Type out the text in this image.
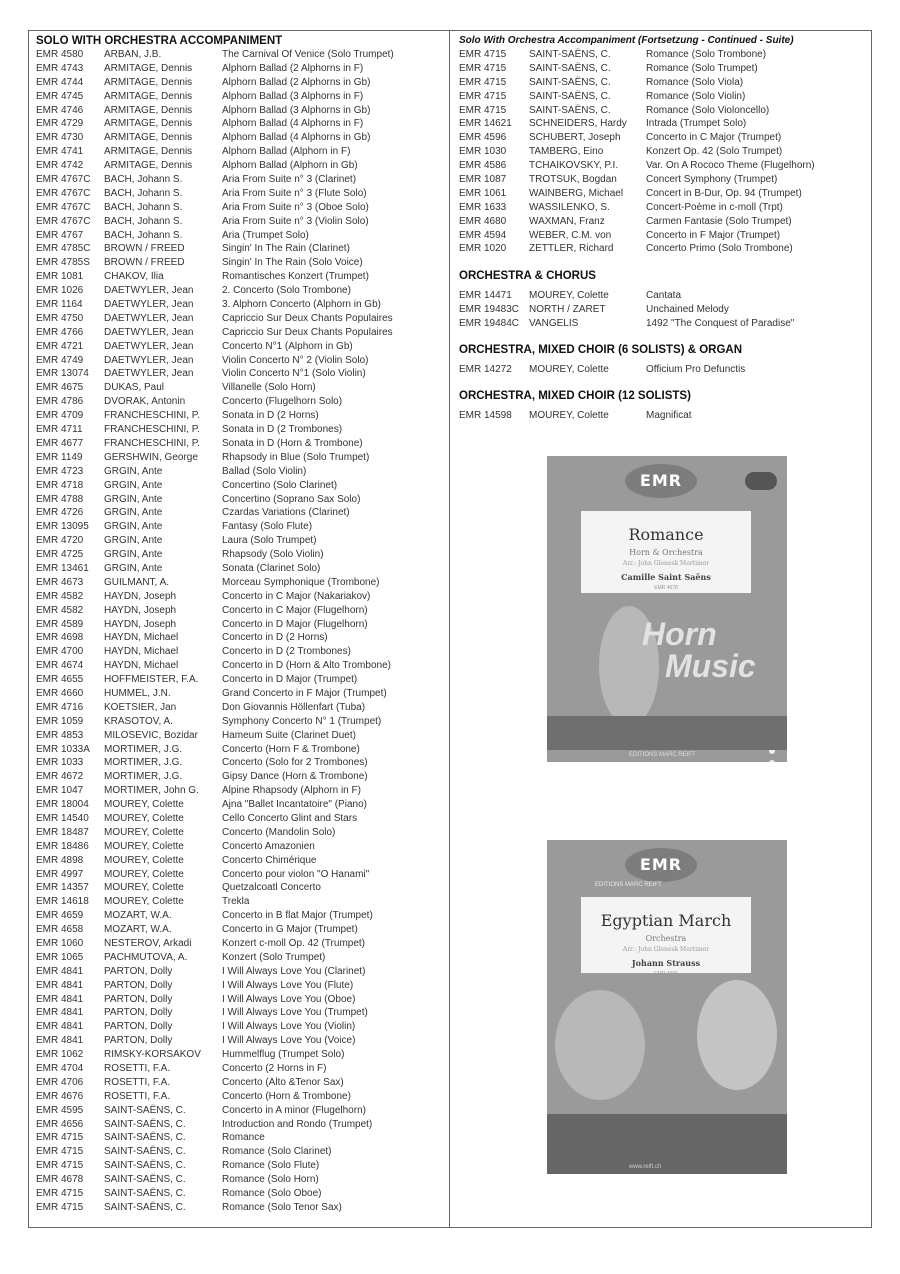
SOLO WITH ORCHESTRA ACCOMPANIMENT
EMR 4580	ARBAN, J.B.	The Carnival Of Venice (Solo Trumpet)
EMR 4743	ARMITAGE, Dennis	Alphorn Ballad (2 Alphorns in F)
EMR 4744	ARMITAGE, Dennis	Alphorn Ballad (2 Alphorns in Gb)
EMR 4745	ARMITAGE, Dennis	Alphorn Ballad (3 Alphorns in F)
EMR 4746	ARMITAGE, Dennis	Alphorn Ballad (3 Alphorns in Gb)
EMR 4729	ARMITAGE, Dennis	Alphorn Ballad (4 Alphorns in F)
EMR 4730	ARMITAGE, Dennis	Alphorn Ballad (4 Alphorns in Gb)
EMR 4741	ARMITAGE, Dennis	Alphorn Ballad (Alphorn in F)
EMR 4742	ARMITAGE, Dennis	Alphorn Ballad (Alphorn in Gb)
EMR 4767C	BACH, Johann S.	Aria From Suite n° 3 (Clarinet)
EMR 4767C	BACH, Johann S.	Aria From Suite n° 3 (Flute Solo)
EMR 4767C	BACH, Johann S.	Aria From Suite n° 3 (Oboe Solo)
EMR 4767C	BACH, Johann S.	Aria From Suite n° 3 (Violin Solo)
EMR 4767	BACH, Johann S.	Aria (Trumpet Solo)
EMR 4785C	BROWN / FREED	Singin' In The Rain (Clarinet)
EMR 4785S	BROWN / FREED	Singin' In The Rain (Solo Voice)
EMR 1081	CHAKOV, Ilia	Romantisches Konzert (Trumpet)
EMR 1026	DAETWYLER, Jean	2. Concerto (Solo Trombone)
EMR 1164	DAETWYLER, Jean	3. Alphorn Concerto (Alphorn in Gb)
EMR 4750	DAETWYLER, Jean	Capriccio Sur Deux Chants Populaires
EMR 4766	DAETWYLER, Jean	Capriccio Sur Deux Chants Populaires
EMR 4721	DAETWYLER, Jean	Concerto N°1 (Alphorn in Gb)
EMR 4749	DAETWYLER, Jean	Violin Concerto N° 2 (Violin Solo)
EMR 13074	DAETWYLER, Jean	Violin Concerto N°1 (Solo Violin)
EMR 4675	DUKAS, Paul	Villanelle (Solo Horn)
EMR 4786	DVORAK, Antonin	Concerto (Flugelhorn Solo)
EMR 4709	FRANCHESCHINI, P.	Sonata in D (2 Horns)
EMR 4711	FRANCHESCHINI, P.	Sonata in D (2 Trombones)
EMR 4677	FRANCHESCHINI, P.	Sonata in D (Horn & Trombone)
EMR 1149	GERSHWIN, George	Rhapsody in Blue (Solo Trumpet)
EMR 4723	GRGIN, Ante	Ballad (Solo Violin)
EMR 4718	GRGIN, Ante	Concertino (Solo Clarinet)
EMR 4788	GRGIN, Ante	Concertino (Soprano Sax Solo)
EMR 4726	GRGIN, Ante	Czardas Variations (Clarinet)
EMR 13095	GRGIN, Ante	Fantasy (Solo Flute)
EMR 4720	GRGIN, Ante	Laura (Solo Trumpet)
EMR 4725	GRGIN, Ante	Rhapsody (Solo Violin)
EMR 13461	GRGIN, Ante	Sonata (Clarinet Solo)
EMR 4673	GUILMANT, A.	Morceau Symphonique (Trombone)
EMR 4582	HAYDN, Joseph	Concerto in C Major (Nakariakov)
EMR 4582	HAYDN, Joseph	Concerto in C Major (Flugelhorn)
EMR 4589	HAYDN, Joseph	Concerto in D Major (Flugelhorn)
EMR 4698	HAYDN, Michael	Concerto in D (2 Horns)
EMR 4700	HAYDN, Michael	Concerto in D (2 Trombones)
EMR 4674	HAYDN, Michael	Concerto in D (Horn & Alto Trombone)
EMR 4655	HOFFMEISTER, F.A.	Concerto in D Major (Trumpet)
EMR 4660	HUMMEL, J.N.	Grand Concerto in F Major (Trumpet)
EMR 4716	KOETSIER, Jan	Don Giovannis Höllenfart (Tuba)
EMR 1059	KRASOTOV, A.	Symphony Concerto N° 1 (Trumpet)
EMR 4853	MILOSEVIC, Bozidar	Hameum Suite (Clarinet Duet)
EMR 1033A	MORTIMER, J.G.	Concerto (Horn F & Trombone)
EMR 1033	MORTIMER, J.G.	Concerto (Solo for 2 Trombones)
EMR 4672	MORTIMER, J.G.	Gipsy Dance (Horn & Trombone)
EMR 1047	MORTIMER, John G.	Alpine Rhapsody (Alphorn in F)
EMR 18004	MOUREY, Colette	Ajna "Ballet Incantatoire" (Piano)
EMR 14540	MOUREY, Colette	Cello Concerto Glint and Stars
EMR 18487	MOUREY, Colette	Concerto (Mandolin Solo)
EMR 18486	MOUREY, Colette	Concerto Amazonien
EMR 4898	MOUREY, Colette	Concerto Chimérique
EMR 4997	MOUREY, Colette	Concerto pour violon "O Hanami"
EMR 14357	MOUREY, Colette	Quetzalcoatl Concerto
EMR 14618	MOUREY, Colette	Trekla
EMR 4659	MOZART, W.A.	Concerto in B flat Major (Trumpet)
EMR 4658	MOZART, W.A.	Concerto in G Major (Trumpet)
EMR 1060	NESTEROV, Arkadi	Konzert c-moll Op. 42 (Trumpet)
EMR 1065	PACHMUTOVA, A.	Konzert (Solo Trumpet)
EMR 4841	PARTON, Dolly	I Will Always Love You (Clarinet)
EMR 4841	PARTON, Dolly	I Will Always Love You (Flute)
EMR 4841	PARTON, Dolly	I Will Always Love You (Oboe)
EMR 4841	PARTON, Dolly	I Will Always Love You (Trumpet)
EMR 4841	PARTON, Dolly	I Will Always Love You (Violin)
EMR 4841	PARTON, Dolly	I Will Always Love You (Voice)
EMR 1062	RIMSKY-KORSAKOV	Hummelflug (Trumpet Solo)
EMR 4704	ROSETTI, F.A.	Concerto (2 Horns in F)
EMR 4706	ROSETTI, F.A.	Concerto (Alto &Tenor Sax)
EMR 4676	ROSETTI, F.A.	Concerto (Horn & Trombone)
EMR 4595	SAINT-SAËNS, C.	Concerto in A minor (Flugelhorn)
EMR 4656	SAINT-SAËNS, C.	Introduction and Rondo (Trumpet)
EMR 4715	SAINT-SAËNS, C.	Romance
EMR 4715	SAINT-SAËNS, C.	Romance (Solo Clarinet)
EMR 4715	SAINT-SAËNS, C.	Romance (Solo Flute)
EMR 4678	SAINT-SAËNS, C.	Romance (Solo Horn)
EMR 4715	SAINT-SAËNS, C.	Romance (Solo Oboe)
EMR 4715	SAINT-SAËNS, C.	Romance (Solo Tenor Sax)
Solo With Orchestra Accompaniment (Fortsetzung - Continued - Suite)
EMR 4715	SAINT-SAËNS, C.	Romance (Solo Trombone)
EMR 4715	SAINT-SAËNS, C.	Romance (Solo Trumpet)
EMR 4715	SAINT-SAËNS, C.	Romance (Solo Viola)
EMR 4715	SAINT-SAËNS, C.	Romance (Solo Violin)
EMR 4715	SAINT-SAËNS, C.	Romance (Solo Violoncello)
EMR 14621	SCHNEIDERS, Hardy	Intrada (Trumpet Solo)
EMR 4596	SCHUBERT, Joseph	Concerto in C Major (Trumpet)
EMR 1030	TAMBERG, Eino	Konzert Op. 42 (Solo Trumpet)
EMR 4586	TCHAIKOVSKY, P.I.	Var. On A Rococo Theme (Flugelhorn)
EMR 1087	TROTSUK, Bogdan	Concert Symphony (Trumpet)
EMR 1061	WAINBERG, Michael	Concert in B-Dur, Op. 94 (Trumpet)
EMR 1633	WASSILENKO, S.	Concert-Poème in c-moll (Trpt)
EMR 4680	WAXMAN, Franz	Carmen Fantasie (Solo Trumpet)
EMR 4594	WEBER, C.M. von	Concerto in F Major (Trumpet)
EMR 1020	ZETTLER, Richard	Concerto Primo (Solo Trombone)
ORCHESTRA & CHORUS
EMR 14471	MOUREY, Colette	Cantata
EMR 19483C NORTH / ZARET	Unchained Melody
EMR 19484C VANGELIS	1492 "The Conquest of Paradise"
ORCHESTRA, MIXED CHOIR (6 SOLISTS) & ORGAN
EMR 14272	MOUREY, Colette	Officium Pro Defunctis
ORCHESTRA, MIXED CHOIR (12 SOLISTS)
EMR 14598	MOUREY, Colette	Magnificat
EMR
Romance
Horn & Orchestra
Arr.: John Glenesk Mortimer
Camille Saint Saëns
EMR 4678
Horn
Music
EDITIONS MARC REIFT
EMR
EDITIONS MARC REIFT
Egyptian March
Orchestra
Arr.: John Glenesk Mortimer
Johann Strauss
EMR 4696
www.reift.ch
